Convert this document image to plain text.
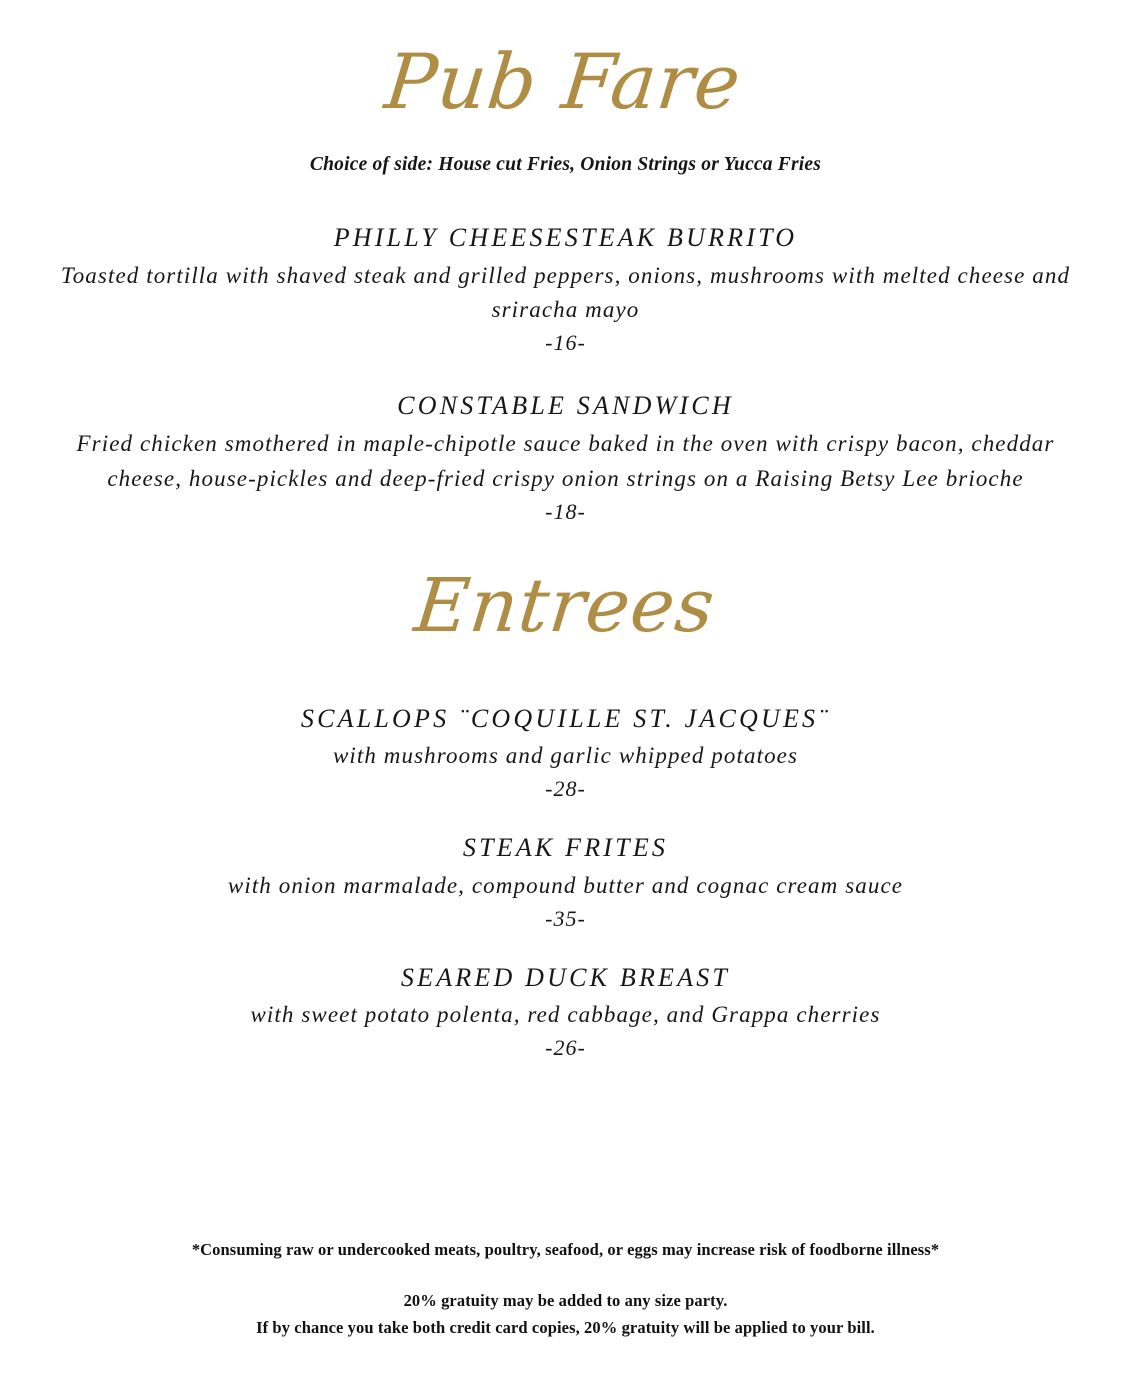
Pub Fare
Choice of side: House cut Fries, Onion Strings or Yucca Fries
PHILLY CHEESESTEAK BURRITO
Toasted tortilla with shaved steak and grilled peppers, onions, mushrooms with melted cheese and sriracha mayo
-16-
CONSTABLE SANDWICH
Fried chicken smothered in maple-chipotle sauce baked in the oven with crispy bacon, cheddar cheese, house-pickles and deep-fried crispy onion strings on a Raising Betsy Lee brioche
-18-
Entrees
SCALLOPS ¨COQUILLE ST. JACQUES¨
with mushrooms and garlic whipped potatoes
-28-
STEAK FRITES
with onion marmalade, compound butter and cognac cream sauce
-35-
SEARED DUCK BREAST
with sweet potato polenta, red cabbage, and Grappa cherries
-26-
*Consuming raw or undercooked meats, poultry, seafood, or eggs may increase risk of foodborne illness*
20% gratuity may be added to any size party.
If by chance you take both credit card copies, 20% gratuity will be applied to your bill.
